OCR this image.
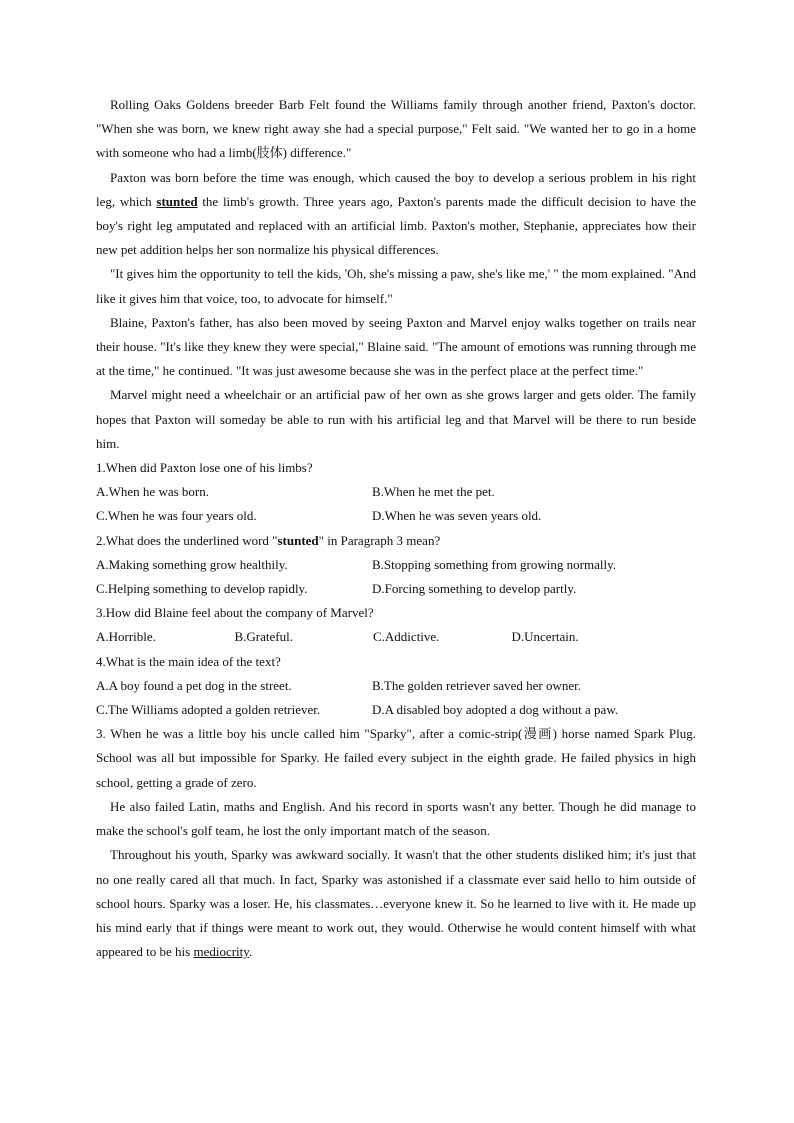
Rolling Oaks Goldens breeder Barb Felt found the Williams family through another friend, Paxton's doctor. "When she was born, we knew right away she had a special purpose," Felt said. "We wanted her to go in a home with someone who had a limb(肢体) difference."

Paxton was born before the time was enough, which caused the boy to develop a serious problem in his right leg, which stunted the limb's growth. Three years ago, Paxton's parents made the difficult decision to have the boy's right leg amputated and replaced with an artificial limb. Paxton's mother, Stephanie, appreciates how their new pet addition helps her son normalize his physical differences.

"It gives him the opportunity to tell the kids, 'Oh, she's missing a paw, she's like me,' " the mom explained. "And like it gives him that voice, too, to advocate for himself."

Blaine, Paxton's father, has also been moved by seeing Paxton and Marvel enjoy walks together on trails near their house. "It's like they knew they were special," Blaine said. "The amount of emotions was running through me at the time," he continued. "It was just awesome because she was in the perfect place at the perfect time."

Marvel might need a wheelchair or an artificial paw of her own as she grows larger and gets older. The family hopes that Paxton will someday be able to run with his artificial leg and that Marvel will be there to run beside him.

1.When did Paxton lose one of his limbs?

A.When he was born.	B.When he met the pet.
C.When he was four years old.	D.When he was seven years old.

2.What does the underlined word "stunted" in Paragraph 3 mean?

A.Making something grow healthily.	B.Stopping something from growing normally.
C.Helping something to develop rapidly.	D.Forcing something to develop partly.

3.How did Blaine feel about the company of Marvel?

A.Horrible.	B.Grateful.	C.Addictive.	D.Uncertain.

4.What is the main idea of the text?

A.A boy found a pet dog in the street.	B.The golden retriever saved her owner.
C.The Williams adopted a golden retriever.	D.A disabled boy adopted a dog without a paw.

3. When he was a little boy his uncle called him "Sparky", after a comic-strip(漫画) horse named Spark Plug. School was all but impossible for Sparky. He failed every subject in the eighth grade. He failed physics in high school, getting a grade of zero.

He also failed Latin, maths and English. And his record in sports wasn't any better. Though he did manage to make the school's golf team, he lost the only important match of the season.

Throughout his youth, Sparky was awkward socially. It wasn't that the other students disliked him; it's just that no one really cared all that much. In fact, Sparky was astonished if a classmate ever said hello to him outside of school hours. Sparky was a loser. He, his classmates…everyone knew it. So he learned to live with it. He made up his mind early that if things were meant to work out, they would. Otherwise he would content himself with what appeared to be his mediocrity.
